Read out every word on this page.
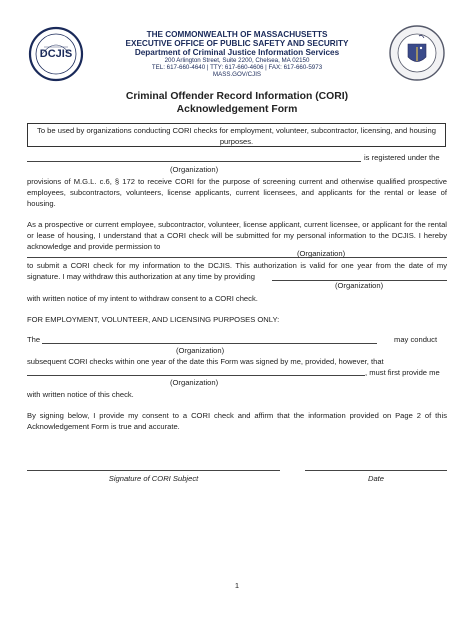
DCJIS
THE COMMONWEALTH OF MASSACHUSETTS
EXECUTIVE OFFICE OF PUBLIC SAFETY AND SECURITY
Department of Criminal Justice Information Services
200 Arlington Street, Suite 2200, Chelsea, MA 02150
TEL: 617-660-4640 | TTY: 617-660-4606 | FAX: 617-660-5973
MASS.GOV/CJIS
Criminal Offender Record Information (CORI)
Acknowledgement Form
To be used by organizations conducting CORI checks for employment, volunteer, subcontractor, licensing, and housing purposes.
is registered under the
(Organization)
provisions of M.G.L. c.6, § 172 to receive CORI for the purpose of screening current and otherwise qualified prospective employees, subcontractors, volunteers, license applicants, current licensees, and applicants for the rental or lease of housing.
As a prospective or current employee, subcontractor, volunteer, license applicant, current licensee, or applicant for the rental or lease of housing, I understand that a CORI check will be submitted for my personal information to the DCJIS. I hereby acknowledge and provide permission to
(Organization)
to submit a CORI check for my information to the DCJIS. This authorization is valid for one year from the date of my signature. I may withdraw this authorization at any time by providing
(Organization)
with written notice of my intent to withdraw consent to a CORI check.
FOR EMPLOYMENT, VOLUNTEER, AND LICENSING PURPOSES ONLY:
The	may conduct
(Organization)
subsequent CORI checks within one year of the date this Form was signed by me, provided, however, that
, must first provide me
(Organization)
with written notice of this check.
By signing below, I provide my consent to a CORI check and affirm that the information provided on Page 2 of this Acknowledgement Form is true and accurate.
Signature of CORI Subject	Date
1
